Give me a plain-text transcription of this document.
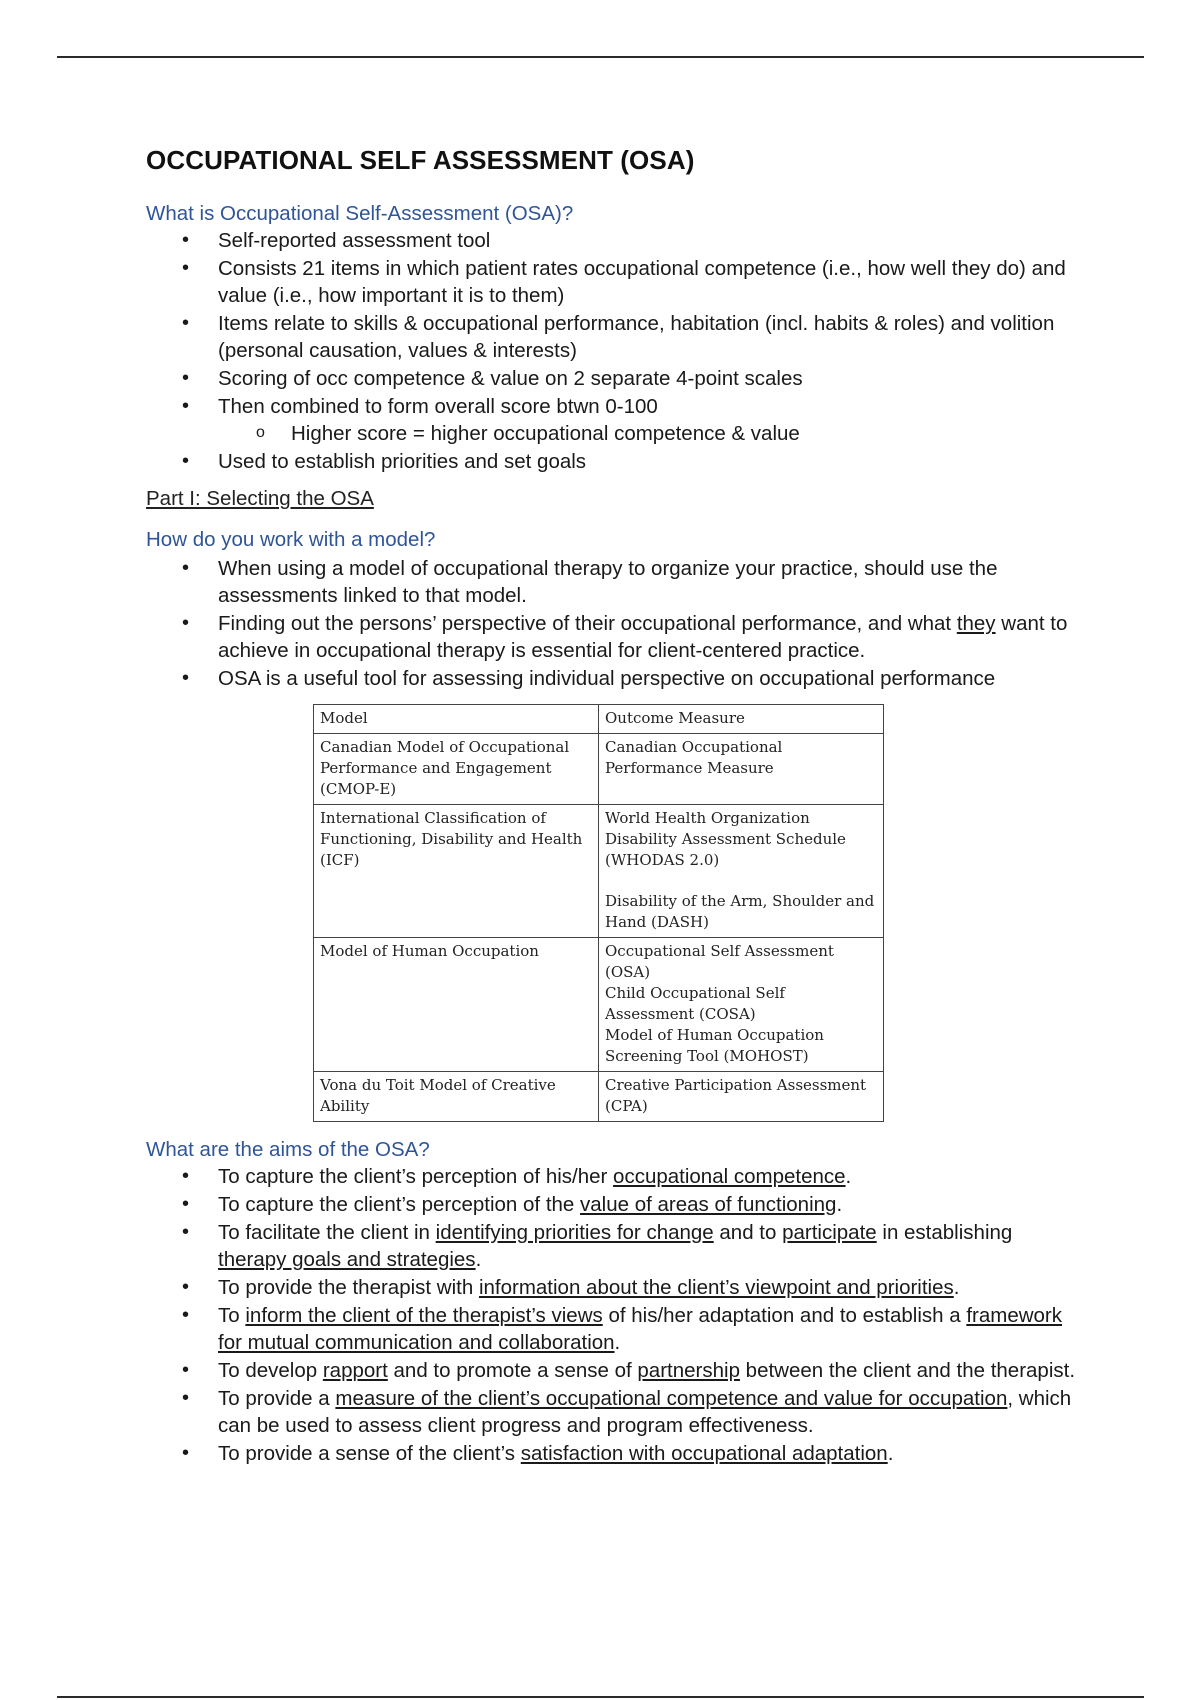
OCCUPATIONAL SELF ASSESSMENT (OSA)
What is Occupational Self-Assessment (OSA)?
• Self-reported assessment tool
• Consists 21 items in which patient rates occupational competence (i.e., how well they do) and value (i.e., how important it is to them)
• Items relate to skills & occupational performance, habitation (incl. habits & roles) and volition (personal causation, values & interests)
• Scoring of occ competence & value on 2 separate 4-point scales
• Then combined to form overall score btwn 0-100
o Higher score = higher occupational competence & value
• Used to establish priorities and set goals
Part I: Selecting the OSA
How do you work with a model?
• When using a model of occupational therapy to organize your practice, should use the assessments linked to that model.
• Finding out the persons’ perspective of their occupational performance, and what they want to achieve in occupational therapy is essential for client-centered practice.
• OSA is a useful tool for assessing individual perspective on occupational performance
Model	Outcome Measure
Canadian Model of Occupational Performance and Engagement (CMOP-E)	Canadian Occupational Performance Measure
International Classification of Functioning, Disability and Health (ICF)	World Health Organization Disability Assessment Schedule (WHODAS 2.0)
Disability of the Arm, Shoulder and Hand (DASH)

Model of Human Occupation	Occupational Self Assessment (OSA)
Child Occupational Self Assessment (COSA)
Model of Human Occupation Screening Tool (MOHOST)

Vona du Toit Model of Creative Ability	Creative Participation Assessment (CPA)
What are the aims of the OSA?
• To capture the client’s perception of his/her occupational competence.
• To capture the client’s perception of the value of areas of functioning.
• To facilitate the client in identifying priorities for change and to participate in establishing therapy goals and strategies.
• To provide the therapist with information about the client’s viewpoint and priorities.
• To inform the client of the therapist’s views of his/her adaptation and to establish a framework for mutual communication and collaboration.
• To develop rapport and to promote a sense of partnership between the client and the therapist.
• To provide a measure of the client’s occupational competence and value for occupation, which can be used to assess client progress and program effectiveness.
• To provide a sense of the client’s satisfaction with occupational adaptation.
